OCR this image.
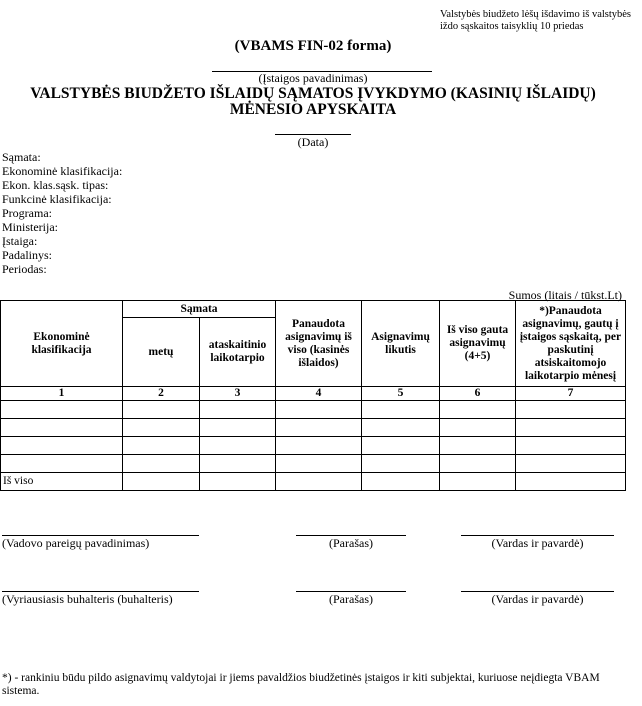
Valstybės biudžeto lėšų išdavimo iš valstybės iždo sąskaitos taisyklių 10 priedas
(VBAMS FIN-02 forma)
(Įstaigos pavadinimas)
VALSTYBĖS BIUDŽETO IŠLAIDŲ SĄMATOS ĮVYKDYMO (KASINIŲ IŠLAIDŲ)
MĖNESIO APYSKAITA
(Data)
Sąmata:
Ekonominė klasifikacija:
Ekon. klas.sąsk. tipas:
Funkcinė klasifikacija:
Programa:
Ministerija:
Įstaiga:
Padalinys:
Periodas:
Sumos (litais / tūkst.Lt)
Ekonominė klasifikacija	Sąmata		Panaudota asignavimų iš viso (kasinės išlaidos)	Asignavimų likutis	Iš viso gauta asignavimų (4+5)	*)Panaudota asignavimų, gautų į įstaigos sąskaitą, per paskutinį atsiskaitomojo laikotarpio mėnesį
	metų	ataskaitinio laikotarpio				
1	2	3	4	5	6	7

Iš viso						
(Vadovo pareigų pavadinimas)	(Parašas)	(Vardas ir pavardė)
(Vyriausiasis buhalteris (buhalteris)	(Parašas)	(Vardas ir pavardė)
*) - rankiniu būdu pildo asignavimų valdytojai ir jiems pavaldžios biudžetinės įstaigos ir kiti subjektai, kuriuose neįdiegta VBAM sistema.
